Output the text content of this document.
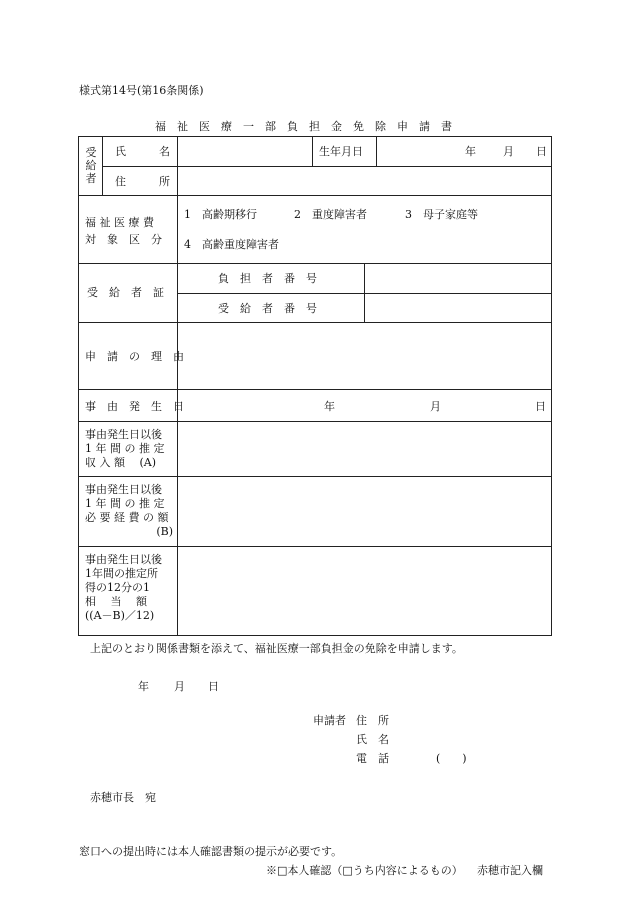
様式第14号(第16条関係)
福　祉　医　療　一　部　負　担　金　免　除　申　請　書
受
給
者
氏　　　名	生年月日	年 月 日
住　　　所
福 祉 医 療 費
対　象　区　分
1　高齢期移行	2　重度障害者	3　母子家庭等
4　高齢重度障害者
受　給　者　証
負　担　者　番　号
受　給　者　番　号
申　請　の　理　由
事　由　発　生　日	年	月	日
事由発生日以後
1 年 間 の 推 定
収 入 額　 (A)
事由発生日以後
1 年 間 の 推 定
必 要 経 費 の 額
(B)
事由発生日以後
1年間の推定所
得の12分の1
相　 当　 額
((A－B)／12)
上記のとおり関係書類を添えて、福祉医療一部負担金の免除を申請します。
年 月 日
申請者 住　所
氏　名
電　話	(　　)
赤穂市長　宛
窓口への提出時には本人確認書類の提示が必要です。
※□本人確認（□うち内容によるもの） 赤穂市記入欄
